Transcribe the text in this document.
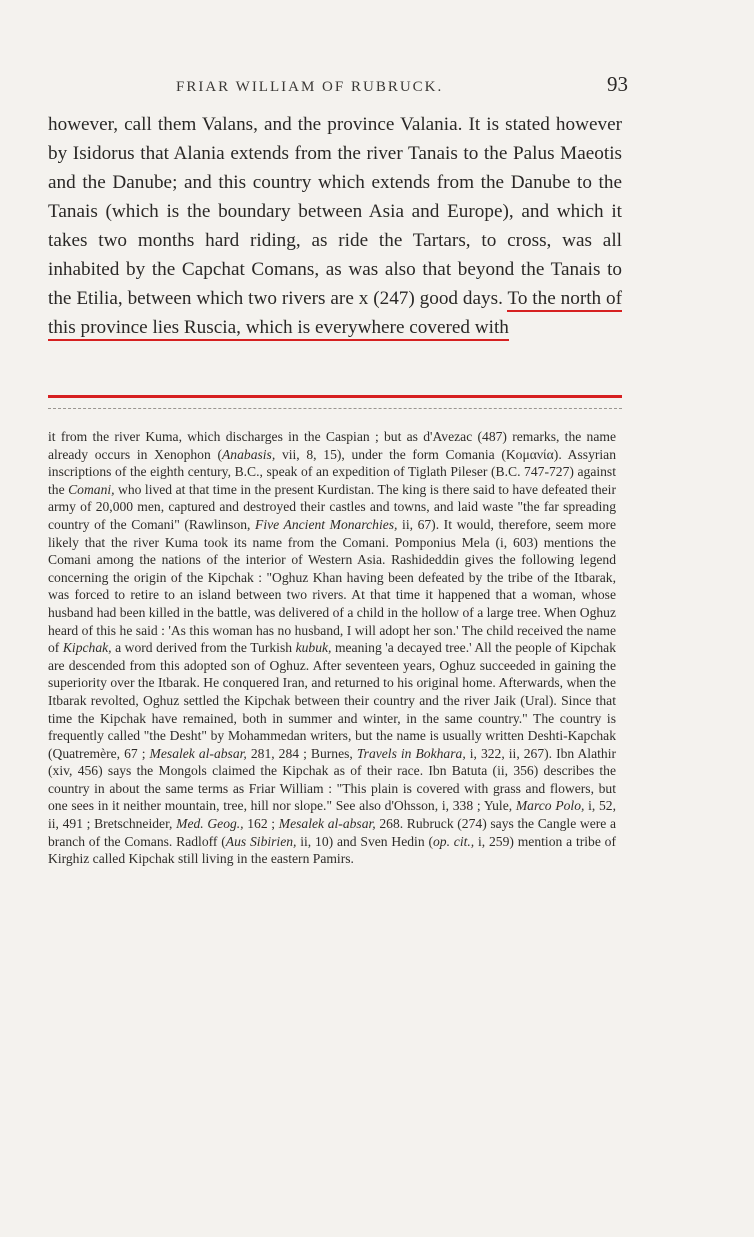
FRIAR WILLIAM OF RUBRUCK.	93

however, call them Valans, and the province Valania. It is stated however by Isidorus that Alania extends from the river Tanais to the Palus Maeotis and the Danube; and this country which extends from the Danube to the Tanais (which is the boundary between Asia and Europe), and which it takes two months hard riding, as ride the Tartars, to cross, was all inhabited by the Capchat Comans, as was also that beyond the Tanais to the Etilia, between which two rivers are x (247) good days. To the north of this province lies Ruscia, which is everywhere covered with

it from the river Kuma, which discharges in the Caspian ; but as d'Avezac (487) remarks, the name already occurs in Xenophon (Anabasis, vii, 8, 15), under the form Comania (Κομανία). Assyrian inscriptions of the eighth century, B.C., speak of an expedition of Tiglath Pileser (B.C. 747-727) against the Comani, who lived at that time in the present Kurdistan. The king is there said to have defeated their army of 20,000 men, captured and destroyed their castles and towns, and laid waste "the far spreading country of the Comani" (Rawlinson, Five Ancient Monarchies, ii, 67). It would, therefore, seem more likely that the river Kuma took its name from the Comani. Pomponius Mela (i, 603) mentions the Comani among the nations of the interior of Western Asia. Rashideddin gives the following legend concerning the origin of the Kipchak : "Oghuz Khan having been defeated by the tribe of the Itbarak, was forced to retire to an island between two rivers. At that time it happened that a woman, whose husband had been killed in the battle, was delivered of a child in the hollow of a large tree. When Oghuz heard of this he said : 'As this woman has no husband, I will adopt her son.' The child received the name of Kipchak, a word derived from the Turkish kubuk, meaning 'a decayed tree.' All the people of Kipchak are descended from this adopted son of Oghuz. After seventeen years, Oghuz succeeded in gaining the superiority over the Itbarak. He conquered Iran, and returned to his original home. Afterwards, when the Itbarak revolted, Oghuz settled the Kipchak between their country and the river Jaik (Ural). Since that time the Kipchak have remained, both in summer and winter, in the same country." The country is frequently called "the Desht" by Mohammedan writers, but the name is usually written Deshti-Kapchak (Quatremère, 67 ; Mesalek al-absar, 281, 284 ; Burnes, Travels in Bokhara, i, 322, ii, 267). Ibn Alathir (xiv, 456) says the Mongols claimed the Kipchak as of their race. Ibn Batuta (ii, 356) describes the country in about the same terms as Friar William : "This plain is covered with grass and flowers, but one sees in it neither mountain, tree, hill nor slope." See also d'Ohsson, i, 338 ; Yule, Marco Polo, i, 52, ii, 491 ; Bretschneider, Med. Geog., 162 ; Mesalek al-absar, 268. Rubruck (274) says the Cangle were a branch of the Comans. Radloff (Aus Sibirien, ii, 10) and Sven Hedin (op. cit., i, 259) mention a tribe of Kirghiz called Kipchak still living in the eastern Pamirs.
